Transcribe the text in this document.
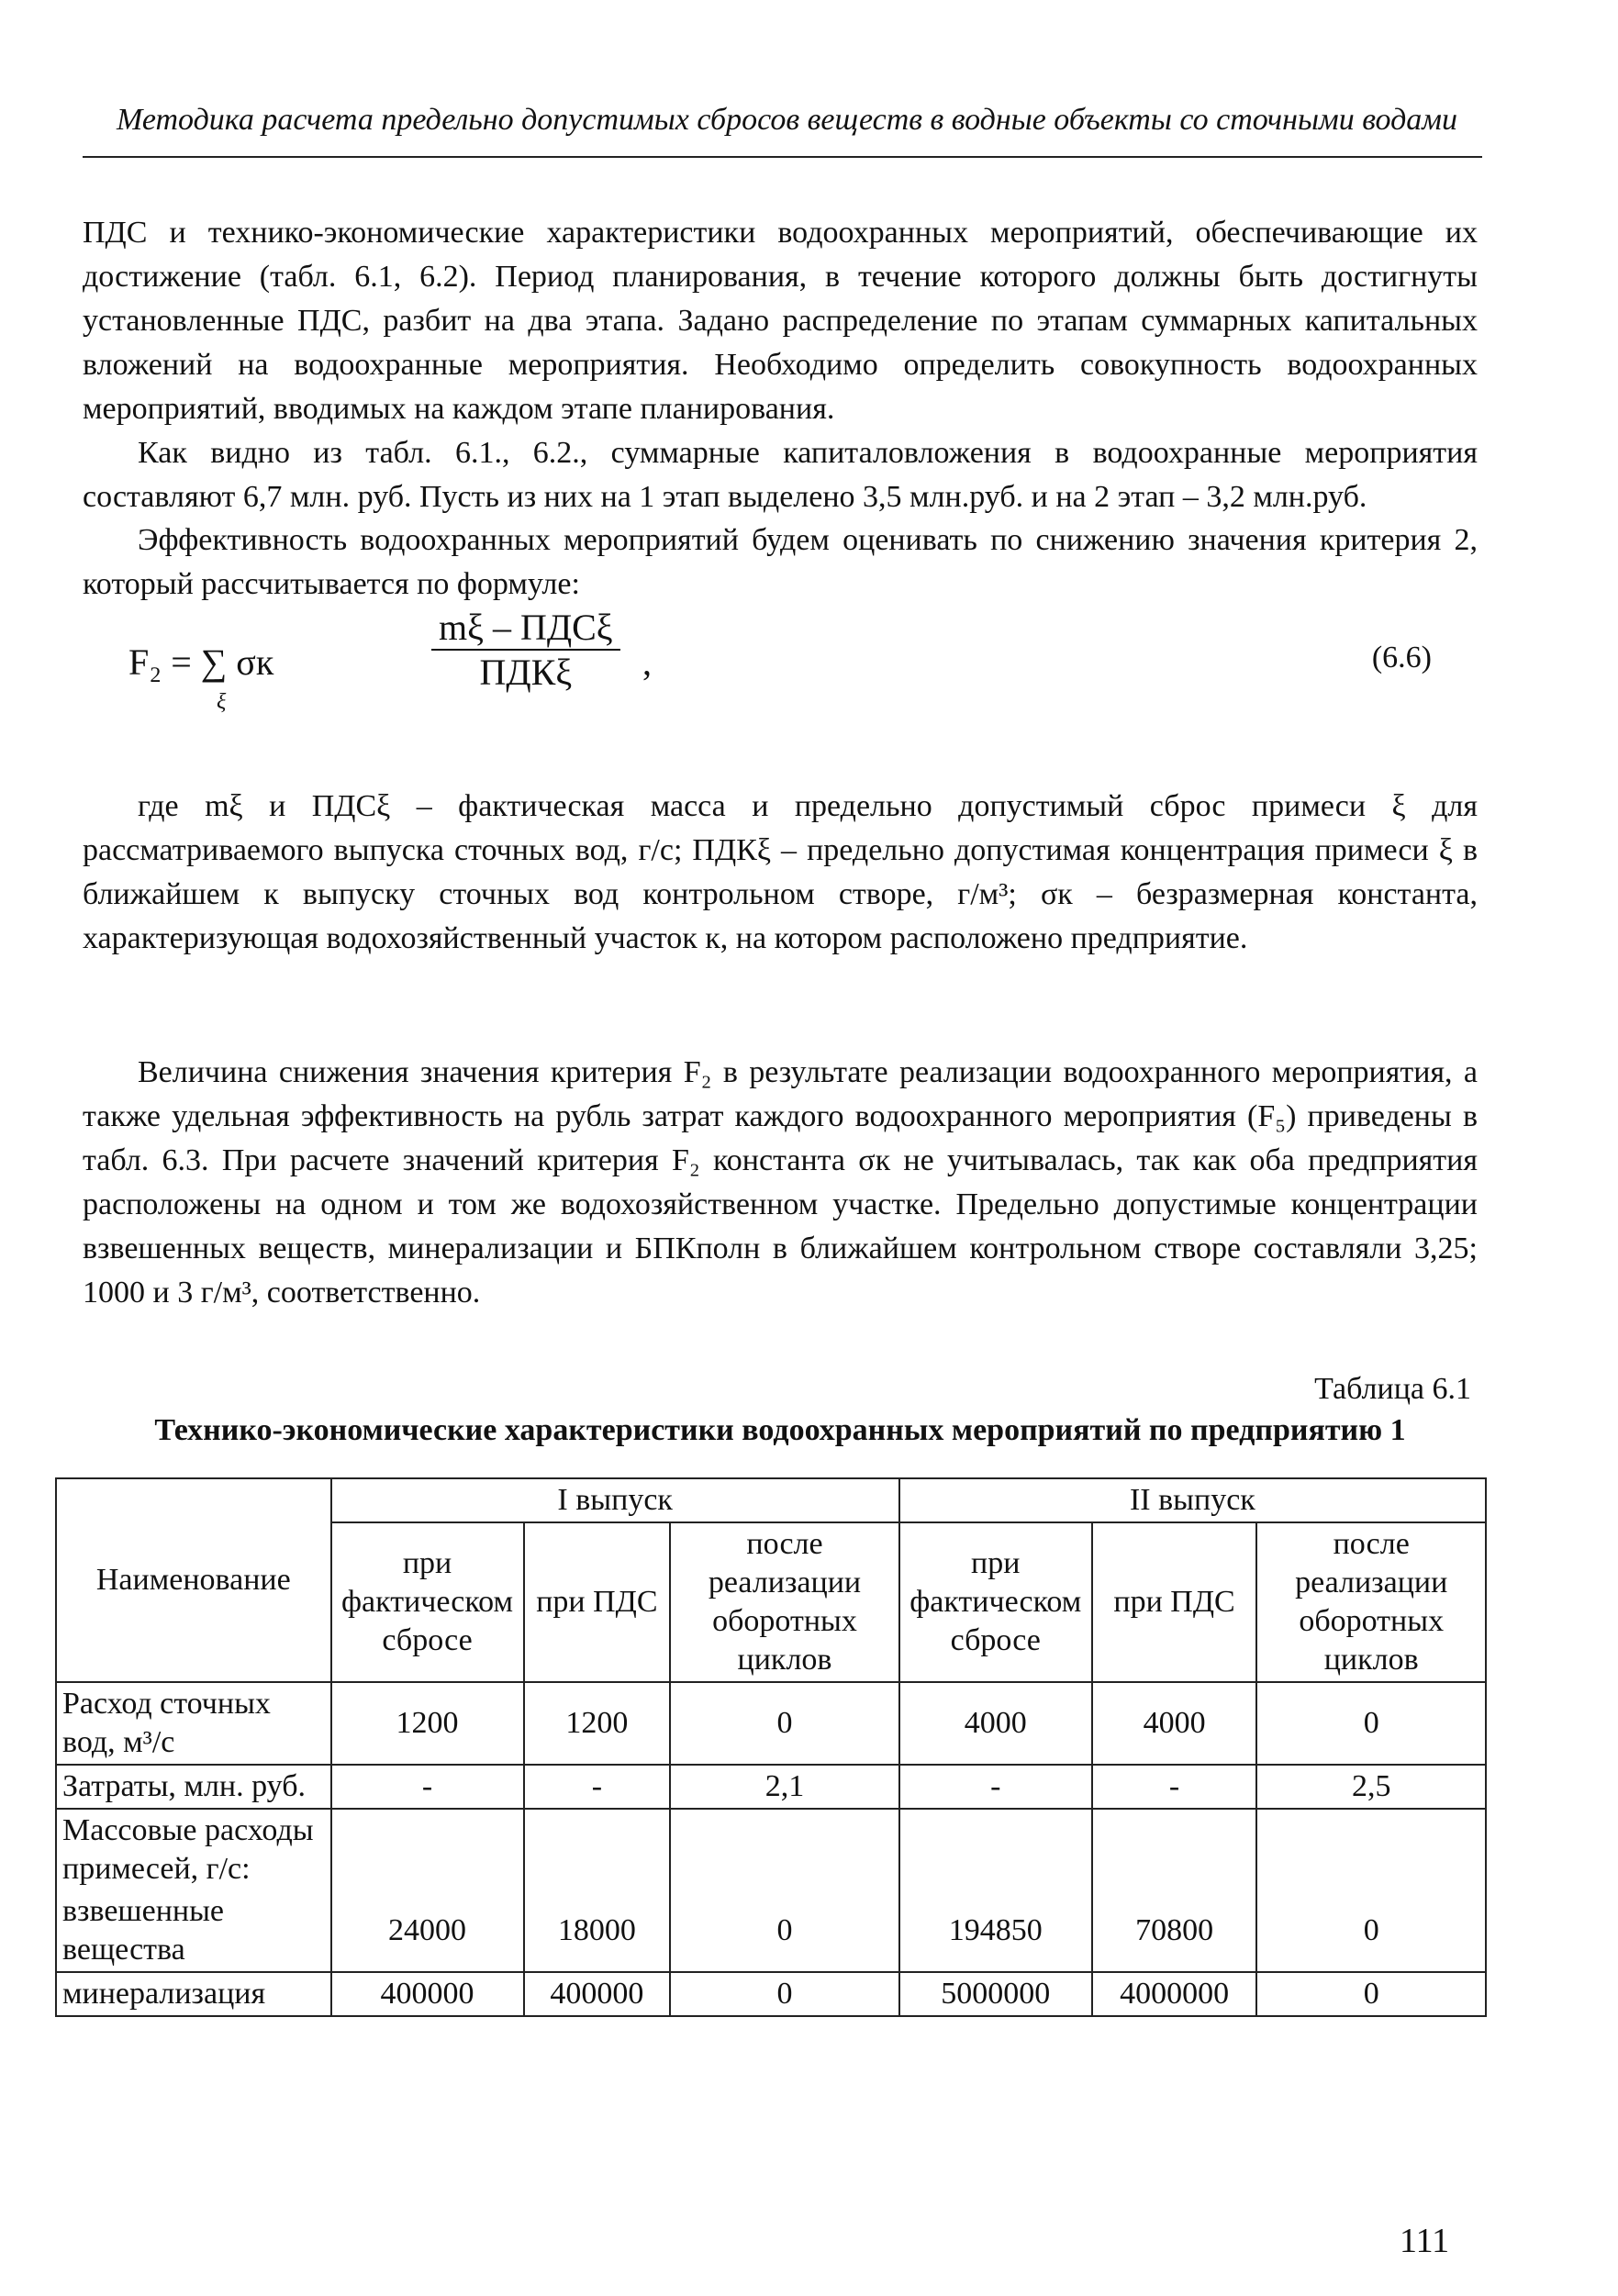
Методика расчета предельно допустимых сбросов веществ в водные объекты со сточными водами
ПДС и технико-экономические характеристики водоохранных мероприятий, обеспечивающие их достижение (табл. 6.1, 6.2). Период планирования, в течение которого должны быть достигнуты установленные ПДС, разбит на два этапа. Задано распределение по этапам суммарных капитальных вложений на водоохранные мероприятия. Необходимо определить совокупность водоохранных мероприятий, вводимых на каждом этапе планирования.
Как видно из табл. 6.1., 6.2., суммарные капиталовложения в водоохранные мероприятия составляют 6,7 млн. руб. Пусть из них на 1 этап выделено 3,5 млн.руб. и на 2 этап – 3,2 млн.руб.
Эффективность водоохранных мероприятий будем оценивать по снижению значения критерия 2, который рассчитывается по формуле:
F₂ = ∑ σк
ξ
mξ – ПДСξ
ПДКξ	,	(6.6)
где mξ и ПДСξ – фактическая масса и предельно допустимый сброс примеси ξ для рассматриваемого выпуска сточных вод, г/с; ПДКξ – предельно допустимая концентрация примеси ξ в ближайшем к выпуску сточных вод контрольном створе, г/м³; σк – безразмерная константа, характеризующая водохозяйственный участок к, на котором расположено предприятие.
Величина снижения значения критерия F₂ в результате реализации водоохранного мероприятия, а также удельная эффективность на рубль затрат каждого водоохранного мероприятия (F₅) приведены в табл. 6.3. При расчете значений критерия F₂ константа σк не учитывалась, так как оба предприятия расположены на одном и том же водохозяйственном участке. Предельно допустимые концентрации взвешенных веществ, минерализации и БПКполн в ближайшем контрольном створе составляли 3,25; 1000 и 3 г/м³, соответственно.
Таблица 6.1
Технико-экономические характеристики водоохранных мероприятий по предприятию 1
Наименование	I выпуск			II выпуск		
	при фактическом сбросе	при ПДС	после реализации оборотных циклов	при фактическом сбросе	при ПДС	после реализации оборотных циклов
Расход сточных вод, м³/с	1200	1200	0	4000	4000	0
Затраты, млн. руб.	-	-	2,1	-	-	2,5
Массовые расходы примесей, г/с:						
взвешенные вещества	24000	18000	0	194850	70800	0
минерализация	400000	400000	0	5000000	4000000	0
111
